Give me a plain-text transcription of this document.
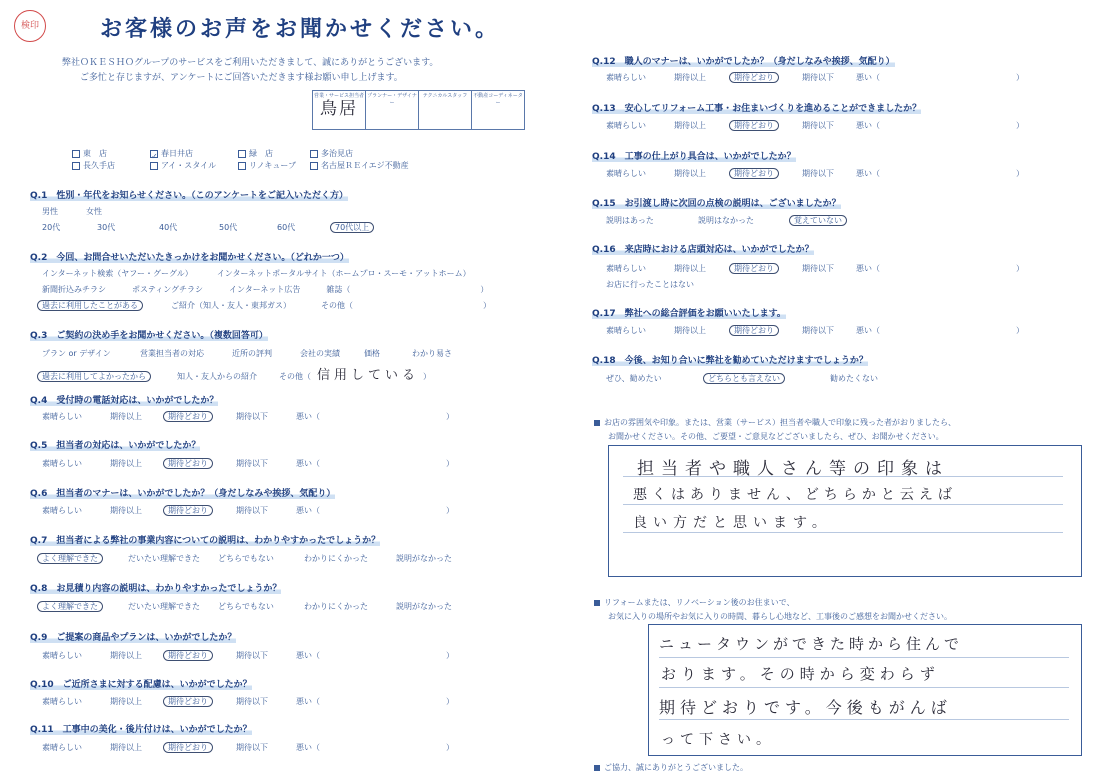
検印	お客様のお声をお聞かせください。
弊社ＯＫＥＳＨＯグループのサービスをご利用いただきまして、誠にありがとうございます。
ご多忙と存じますが、アンケートにご回答いただきます様お願い申し上げます。
営業・サービス担当者
鳥居	プランナー・デザイナー	テクニカルスタッフ	不動産コーディネーター
東　店	✓ 春日井店	緑　店	多治見店
長久手店	アイ・スタイル	リノキューブ	名古屋ＲＥイエジ不動産
Q.1　性別・年代をお知らせください。（このアンケートをご記入いただく方）
男性	女性
20代	30代	40代	50代	60代	70代以上
Q.2　今回、お問合せいただいたきっかけをお聞かせください。（どれか一つ）
インターネット検索（ヤフー・グーグル）	インターネットポータルサイト（ホームプロ・スーモ・アットホーム）
新聞折込みチラシ	ポスティングチラシ	インターネット広告	雑誌（	）
過去に利用したことがある	ご紹介（知人・友人・東邦ガス）	その他（	）
Q.3　ご契約の決め手をお聞かせください。（複数回答可）
プラン or デザイン	営業担当者の対応	近所の評判	会社の実績	価格	わかり易さ
過去に利用してよかったから	知人・友人からの紹介	その他（ 信用している ）
Q.4　受付時の電話対応は、いかがでしたか？
素晴らしい	期待以上	期待どおり	期待以下	悪い（	）
Q.5　担当者の対応は、いかがでしたか？
素晴らしい	期待以上	期待どおり	期待以下	悪い（	）
Q.6　担当者のマナーは、いかがでしたか？（身だしなみや挨拶、気配り）
素晴らしい	期待以上	期待どおり	期待以下	悪い（	）
Q.7　担当者による弊社の事業内容についての説明は、わかりやすかったでしょうか？
よく理解できた	だいたい理解できた どちらでもない	わかりにくかった	説明がなかった
Q.8　お見積り内容の説明は、わかりやすかったでしょうか？
よく理解できた	だいたい理解できた どちらでもない	わかりにくかった	説明がなかった
Q.9　ご提案の商品やプランは、いかがでしたか？
素晴らしい	期待以上	期待どおり	期待以下	悪い（	）
Q.10　ご近所さまに対する配慮は、いかがでしたか？
素晴らしい	期待以上	期待どおり	期待以下	悪い（	）
Q.11　工事中の美化・後片付けは、いかがでしたか？
素晴らしい	期待以上	期待どおり	期待以下	悪い（	）
Q.12　職人のマナーは、いかがでしたか？（身だしなみや挨拶、気配り）
素晴らしい	期待以上	期待どおり	期待以下	悪い（	）
Q.13　安心してリフォーム工事・お住まいづくりを進めることができましたか？
素晴らしい	期待以上	期待どおり	期待以下	悪い（	）
Q.14　工事の仕上がり具合は、いかがでしたか？
素晴らしい	期待以上	期待どおり	期待以下	悪い（	）
Q.15　お引渡し時に次回の点検の説明は、ございましたか？
説明はあった	説明はなかった	覚えていない
Q.16　来店時における店頭対応は、いかがでしたか？
素晴らしい	期待以上	期待どおり	期待以下	悪い（	）
お店に行ったことはない
Q.17　弊社への総合評価をお願いいたします。
素晴らしい	期待以上	期待どおり	期待以下	悪い（	）
Q.18　今後、お知り合いに弊社を勧めていただけますでしょうか？
ぜひ、勧めたい	どちらとも言えない	勧めたくない
お店の雰囲気や印象。または、営業（サービス）担当者や職人で印象に残った者がおりましたら、
お聞かせください。その他、ご要望・ご意見などございましたら、ぜひ、お聞かせください。
担当者や職人さん等の印象は
悪くはありません、どちらかと云えば
良い方だと思います。
リフォームまたは、リノベーション後のお住まいで、
お気に入りの場所やお気に入りの時間、暮らし心地など、工事後のご感想をお聞かせください。
ニュータウンができた時から住んで
おります。その時から変わらず
期待どおりです。今後もがんば
って下さい。
ご協力、誠にありがとうございました。
